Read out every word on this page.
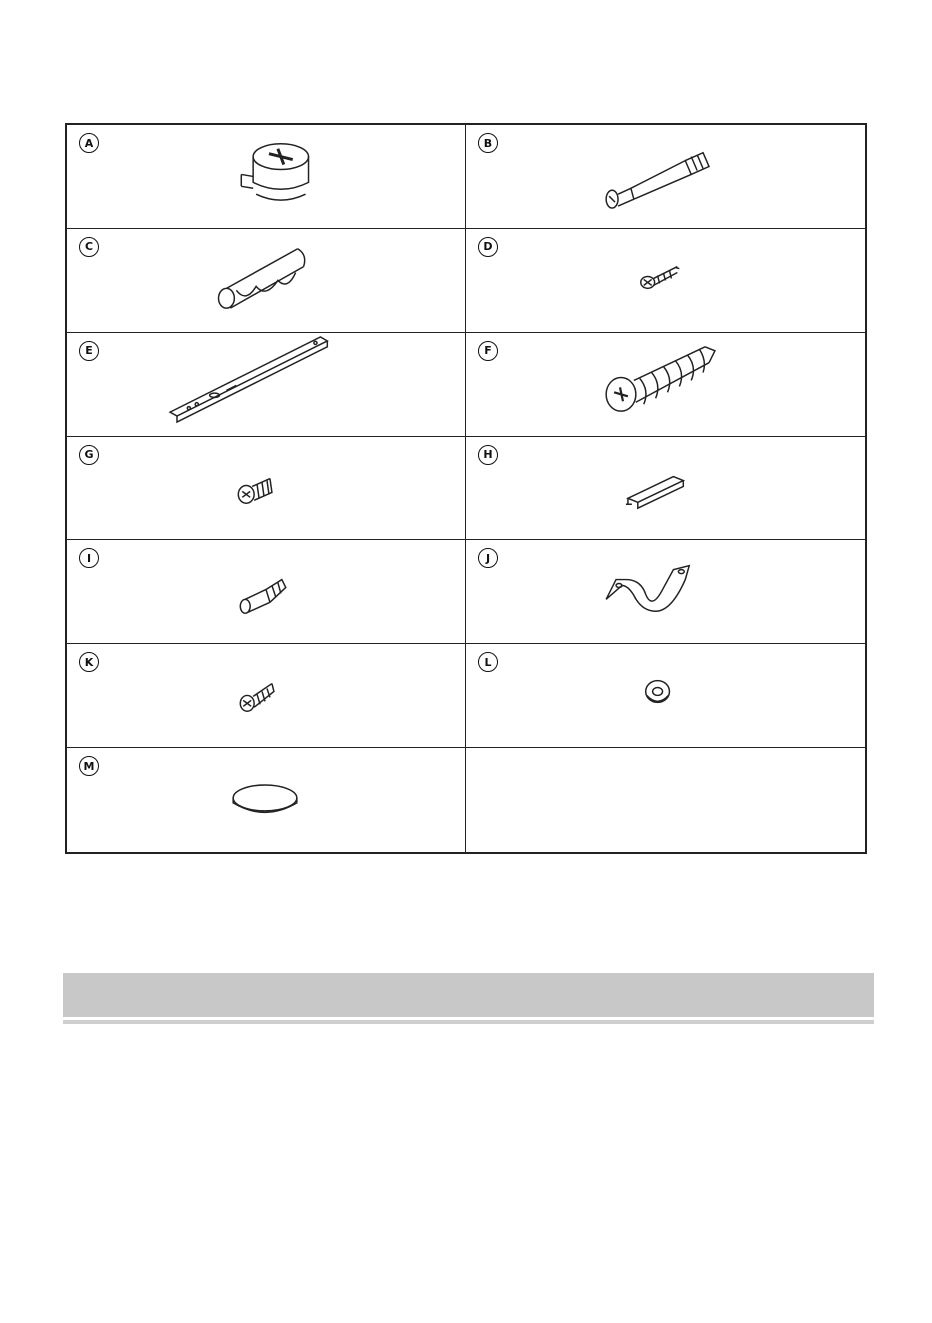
A	B
C	D
E	F
G	H
I	J
K	L
M
